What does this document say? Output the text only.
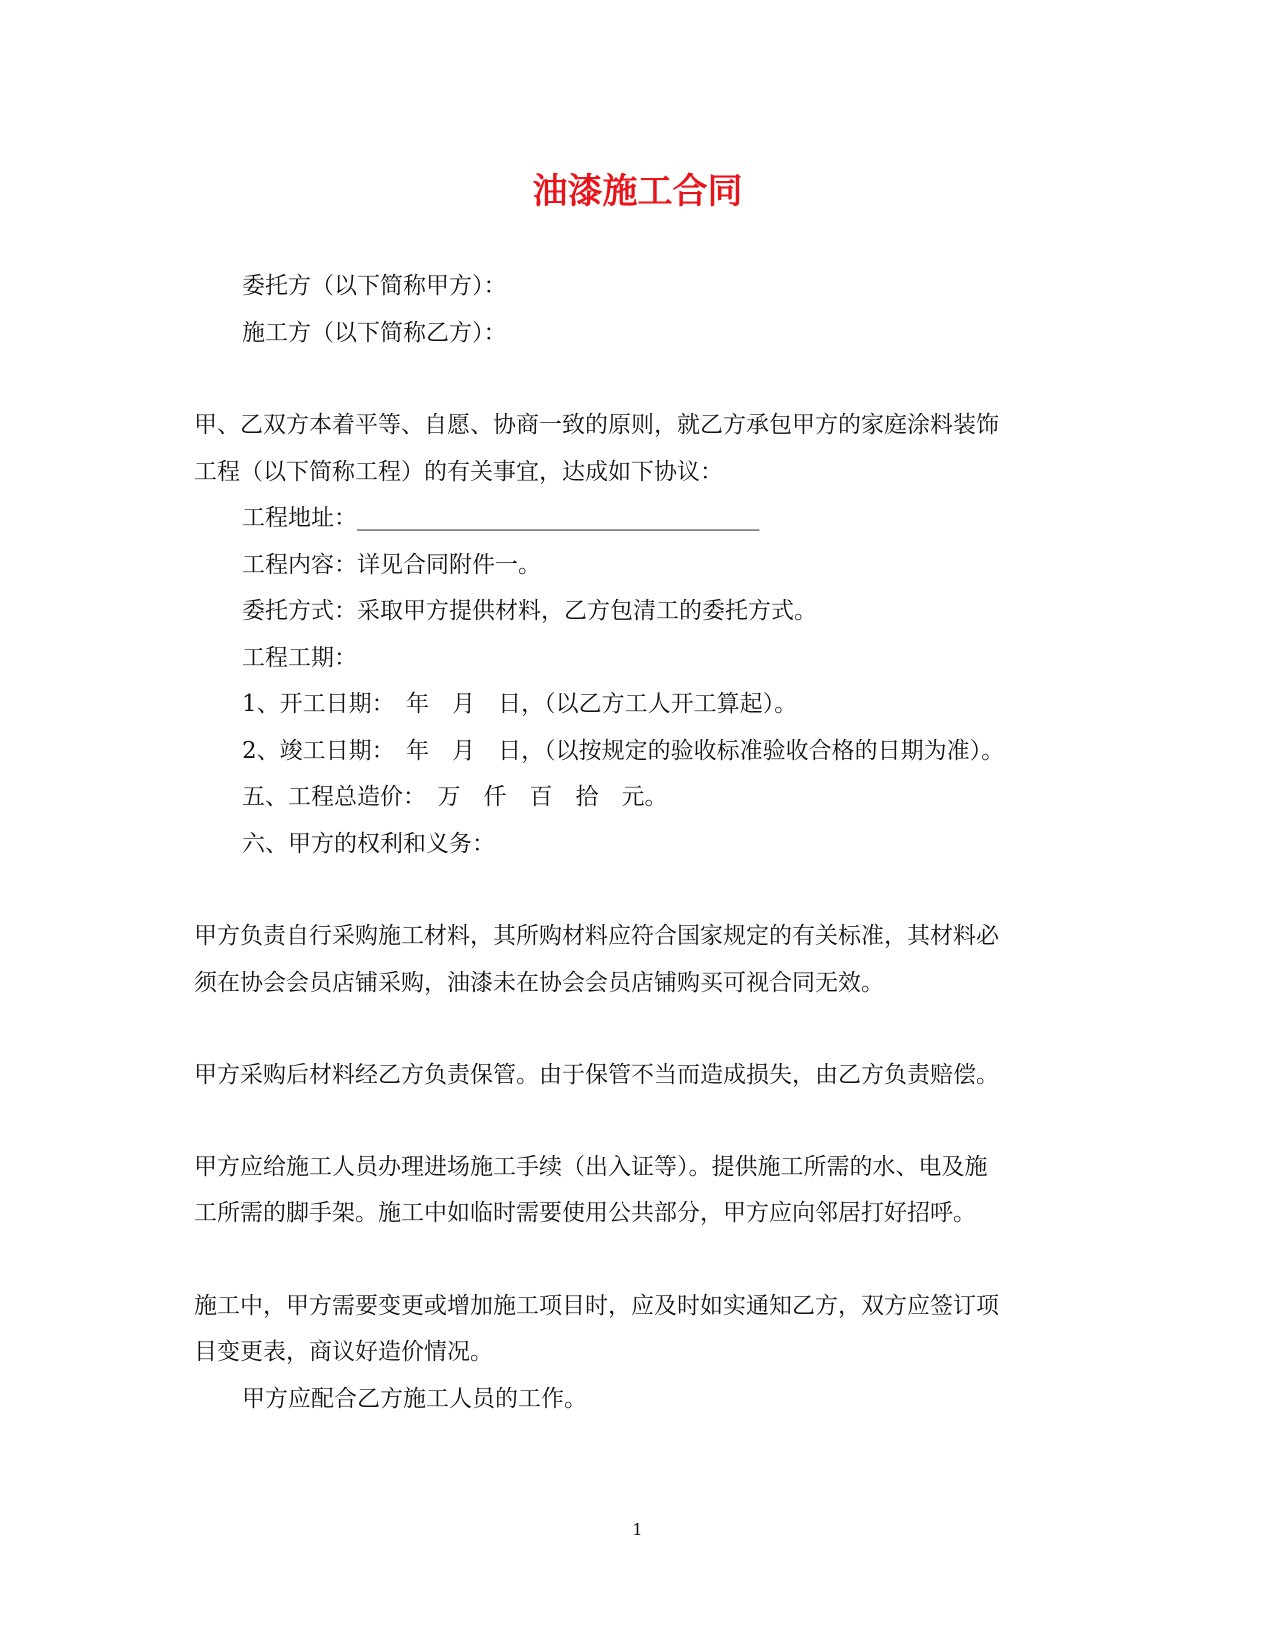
油漆施工合同
委托方（以下简称甲方）：
施工方（以下简称乙方）：
甲、乙双方本着平等、自愿、协商一致的原则，就乙方承包甲方的家庭涂料装饰
工程（以下简称工程）的有关事宜，达成如下协议：
工程地址：___________________________________
工程内容：详见合同附件一。
委托方式：采取甲方提供材料，乙方包清工的委托方式。
工程工期：
1、开工日期：　年　月　日，（以乙方工人开工算起）。
2、竣工日期：　年　月　日，（以按规定的验收标准验收合格的日期为准）。
五、工程总造价：　万　仟　百　拾　元。
六、甲方的权利和义务：
甲方负责自行采购施工材料，其所购材料应符合国家规定的有关标准，其材料必
须在协会会员店铺采购，油漆未在协会会员店铺购买可视合同无效。
甲方采购后材料经乙方负责保管。由于保管不当而造成损失，由乙方负责赔偿。
甲方应给施工人员办理进场施工手续（出入证等）。提供施工所需的水、电及施
工所需的脚手架。施工中如临时需要使用公共部分，甲方应向邻居打好招呼。
施工中，甲方需要变更或增加施工项目时，应及时如实通知乙方，双方应签订项
目变更表，商议好造价情况。
甲方应配合乙方施工人员的工作。
1
